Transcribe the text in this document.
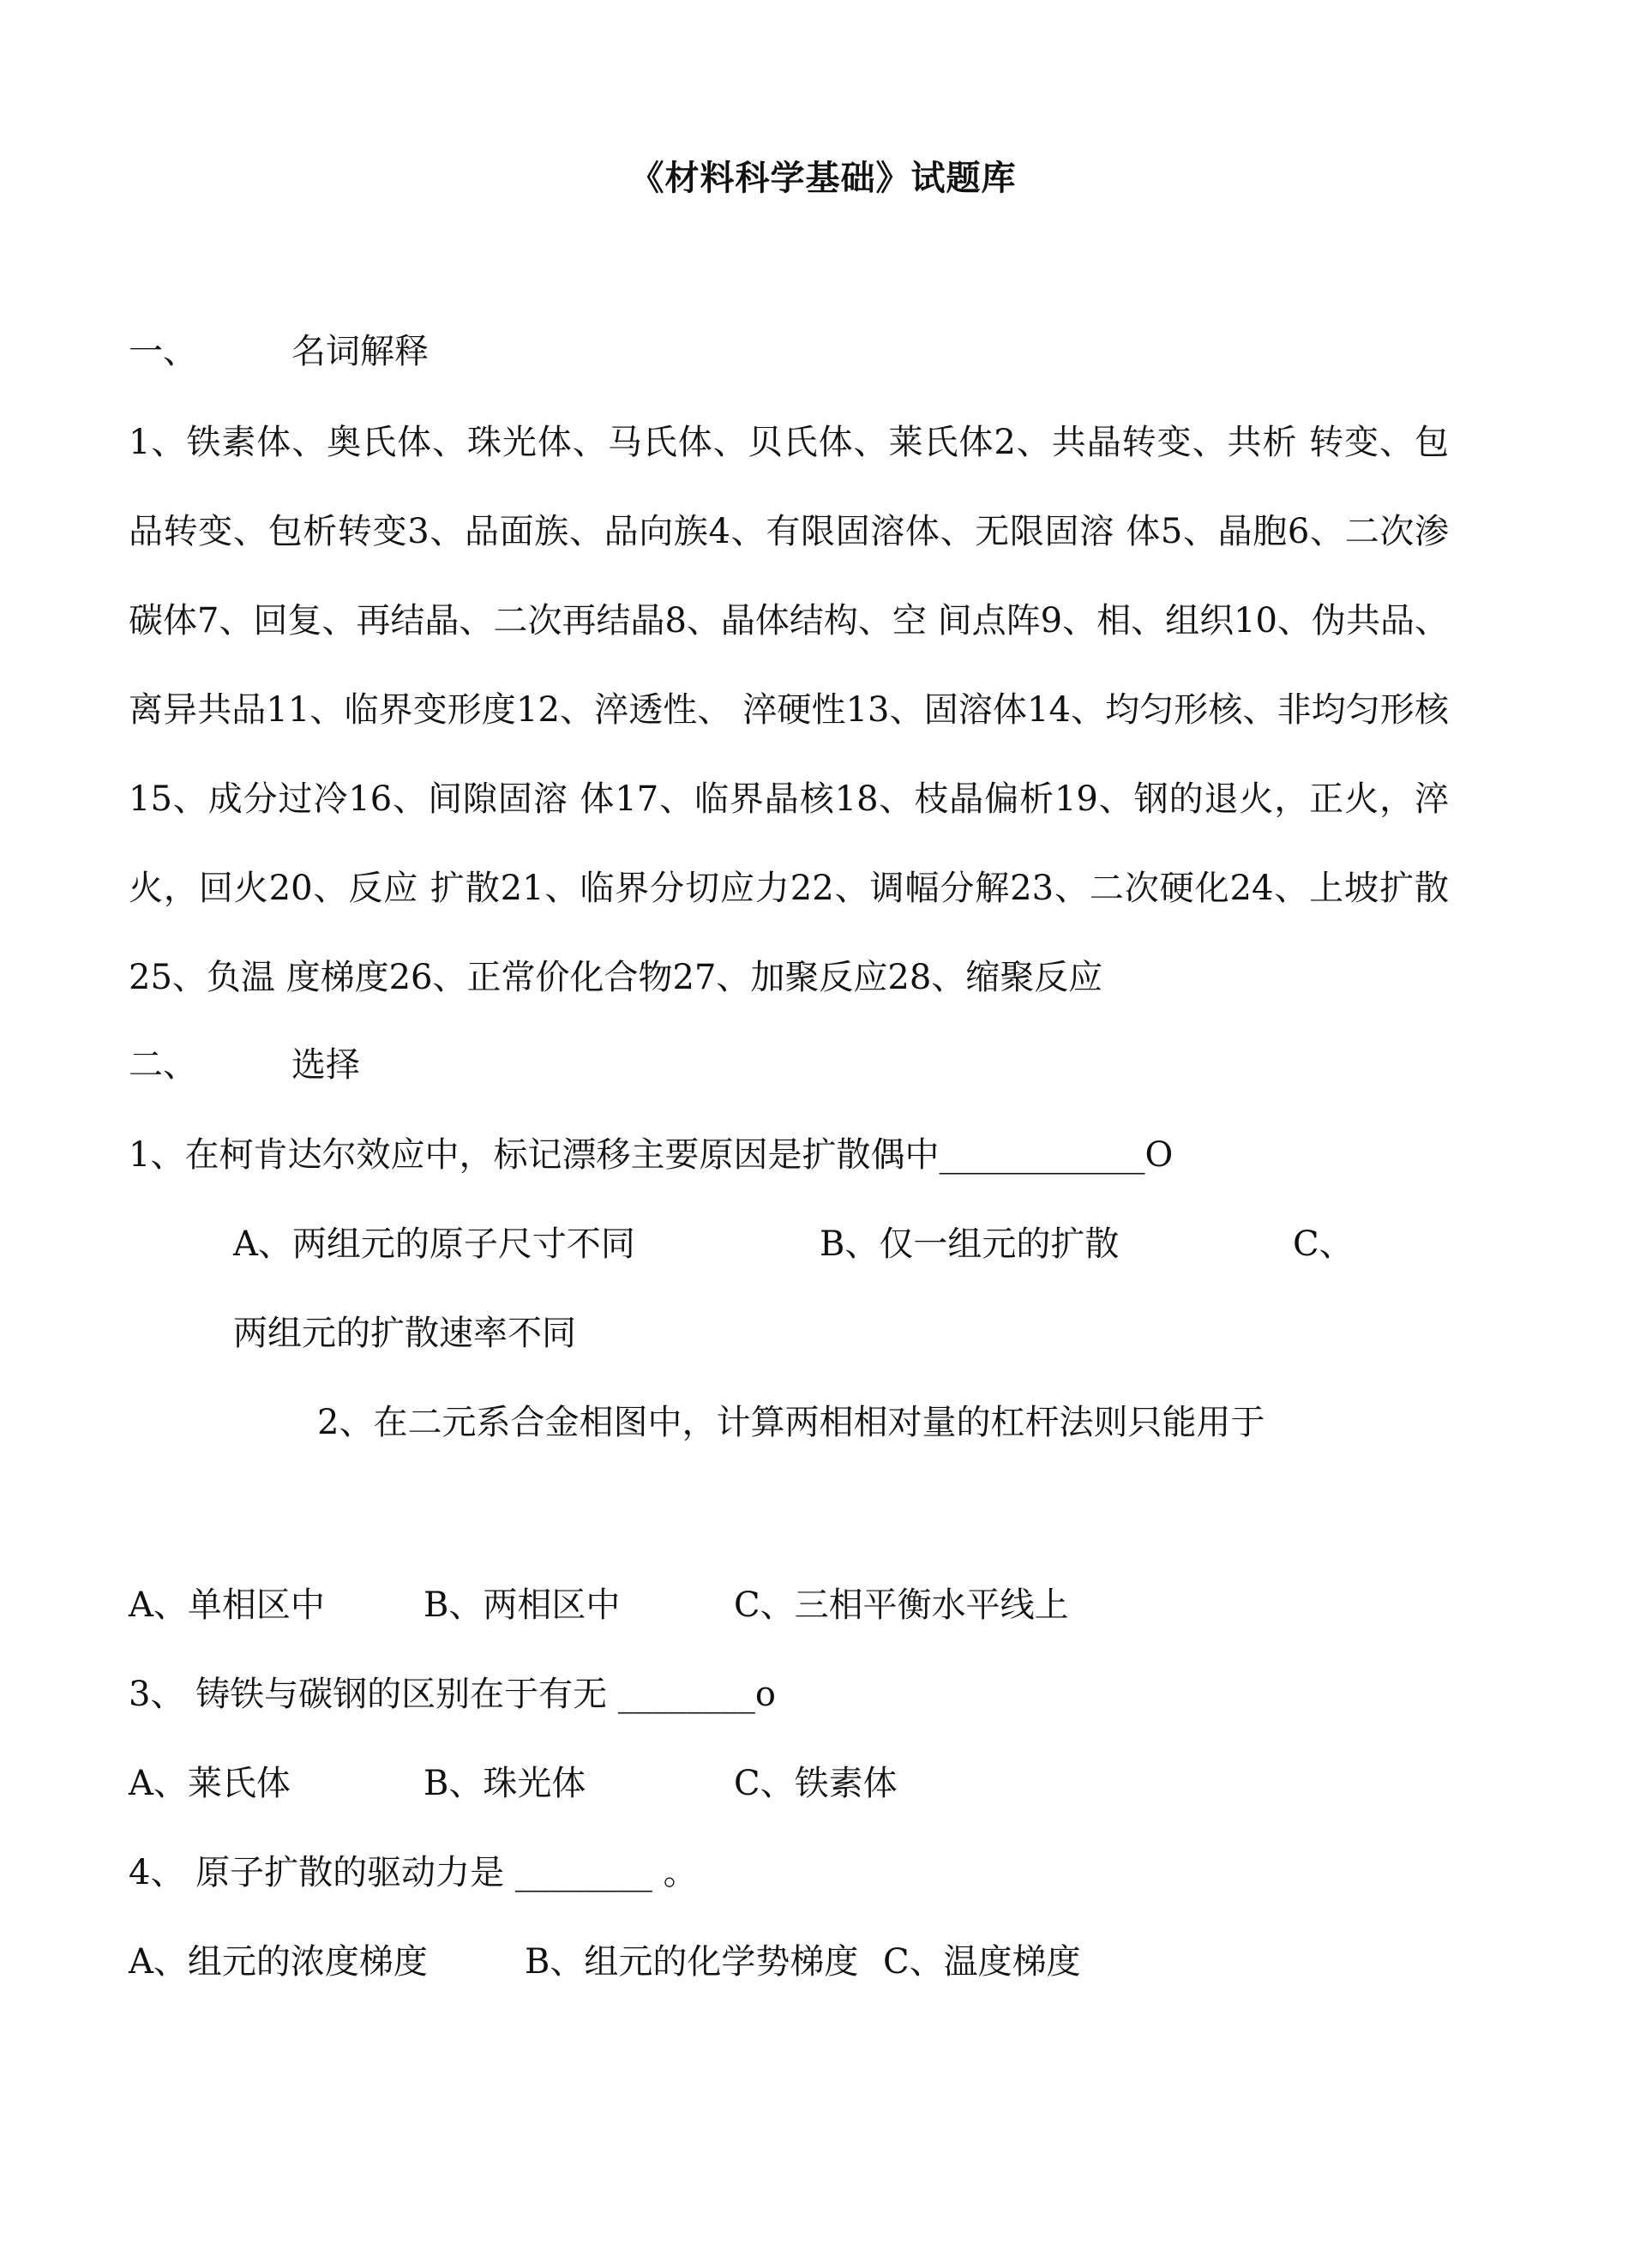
《材料科学基础》试题库
一、	名词解释
1、铁素体、奥氏体、珠光体、马氏体、贝氏体、莱氏体2、共晶转变、共析 转变、包品转变、包析转变3、品面族、品向族4、有限固溶体、无限固溶 体5、晶胞6、二次渗碳体7、回复、再结晶、二次再结晶8、晶体结构、空 间点阵9、相、组织10、伪共品、离异共品11、临界变形度12、淬透性、 淬硬性13、固溶体14、均匀形核、非均匀形核15、成分过冷16、间隙固溶 体17、临界晶核18、枝晶偏析19、钢的退火，正火，淬火，回火20、反应 扩散21、临界分切应力22、调幅分解23、二次硬化24、上坡扩散25、负温 度梯度26、正常价化合物27、加聚反应28、缩聚反应
二、	选择
1、在柯肯达尔效应中，标记漂移主要原因是扩散偶中____________O
A、两组元的原子尺寸不同	B、仅一组元的扩散	C、
两组元的扩散速率不同
2、在二元系合金相图中，计算两相相对量的杠杆法则只能用于
A、单相区中	B、两相区中	C、三相平衡水平线上
3、 铸铁与碳钢的区别在于有无 ________o
A、莱氏体	B、珠光体	C、铁素体
4、 原子扩散的驱动力是 ________ 。
A、组元的浓度梯度	B、组元的化学势梯度 C、温度梯度
